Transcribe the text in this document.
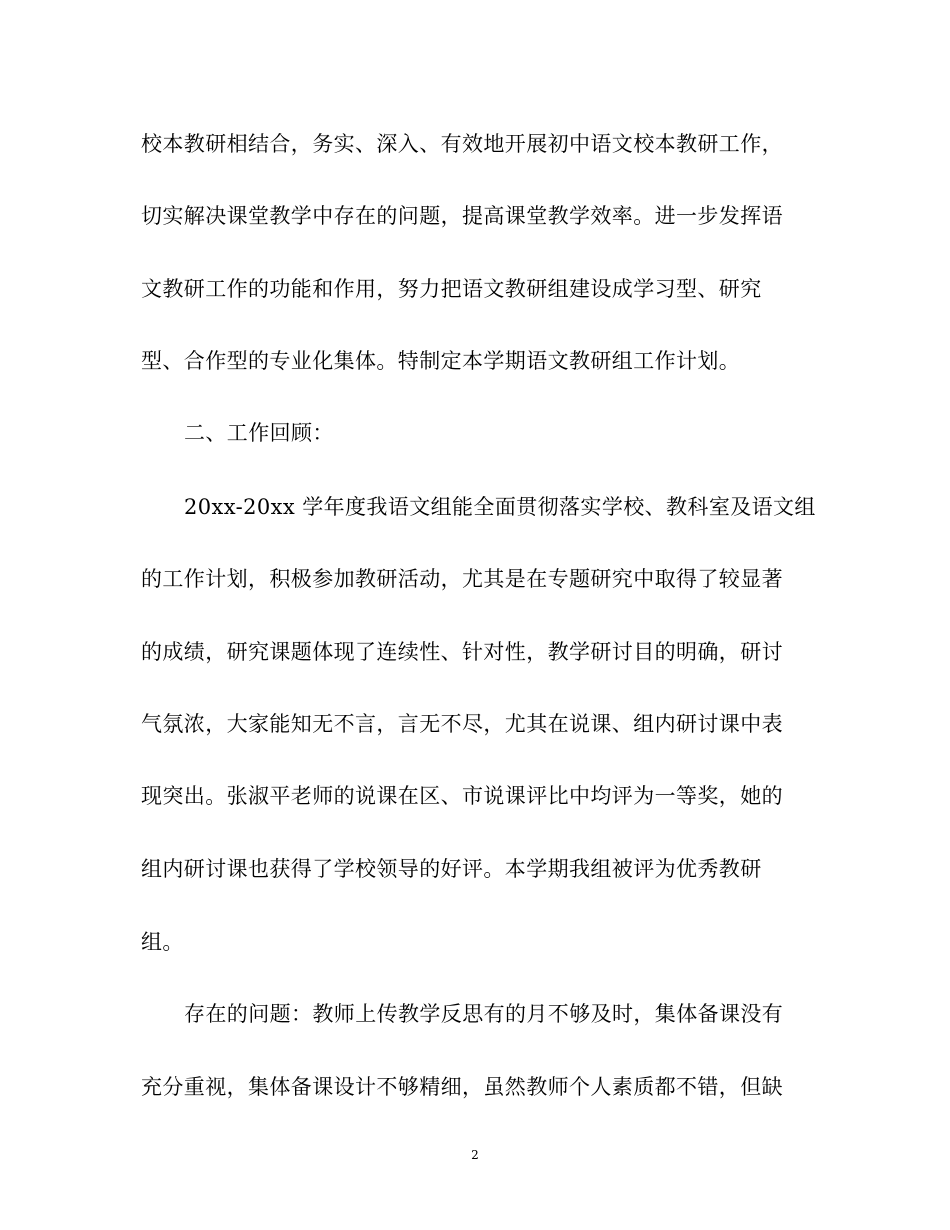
校本教研相结合，务实、深入、有效地开展初中语文校本教研工作，
切实解决课堂教学中存在的问题，提高课堂教学效率。进一步发挥语
文教研工作的功能和作用，努力把语文教研组建设成学习型、研究
型、合作型的专业化集体。特制定本学期语文教研组工作计划。
二、工作回顾：
20xx-20xx 学年度我语文组能全面贯彻落实学校、教科室及语文组
的工作计划，积极参加教研活动，尤其是在专题研究中取得了较显著
的成绩，研究课题体现了连续性、针对性，教学研讨目的明确，研讨
气氛浓，大家能知无不言，言无不尽，尤其在说课、组内研讨课中表
现突出。张淑平老师的说课在区、市说课评比中均评为一等奖，她的
组内研讨课也获得了学校领导的好评。本学期我组被评为优秀教研
组。
存在的问题：教师上传教学反思有的月不够及时，集体备课没有
充分重视，集体备课设计不够精细，虽然教师个人素质都不错，但缺
2
